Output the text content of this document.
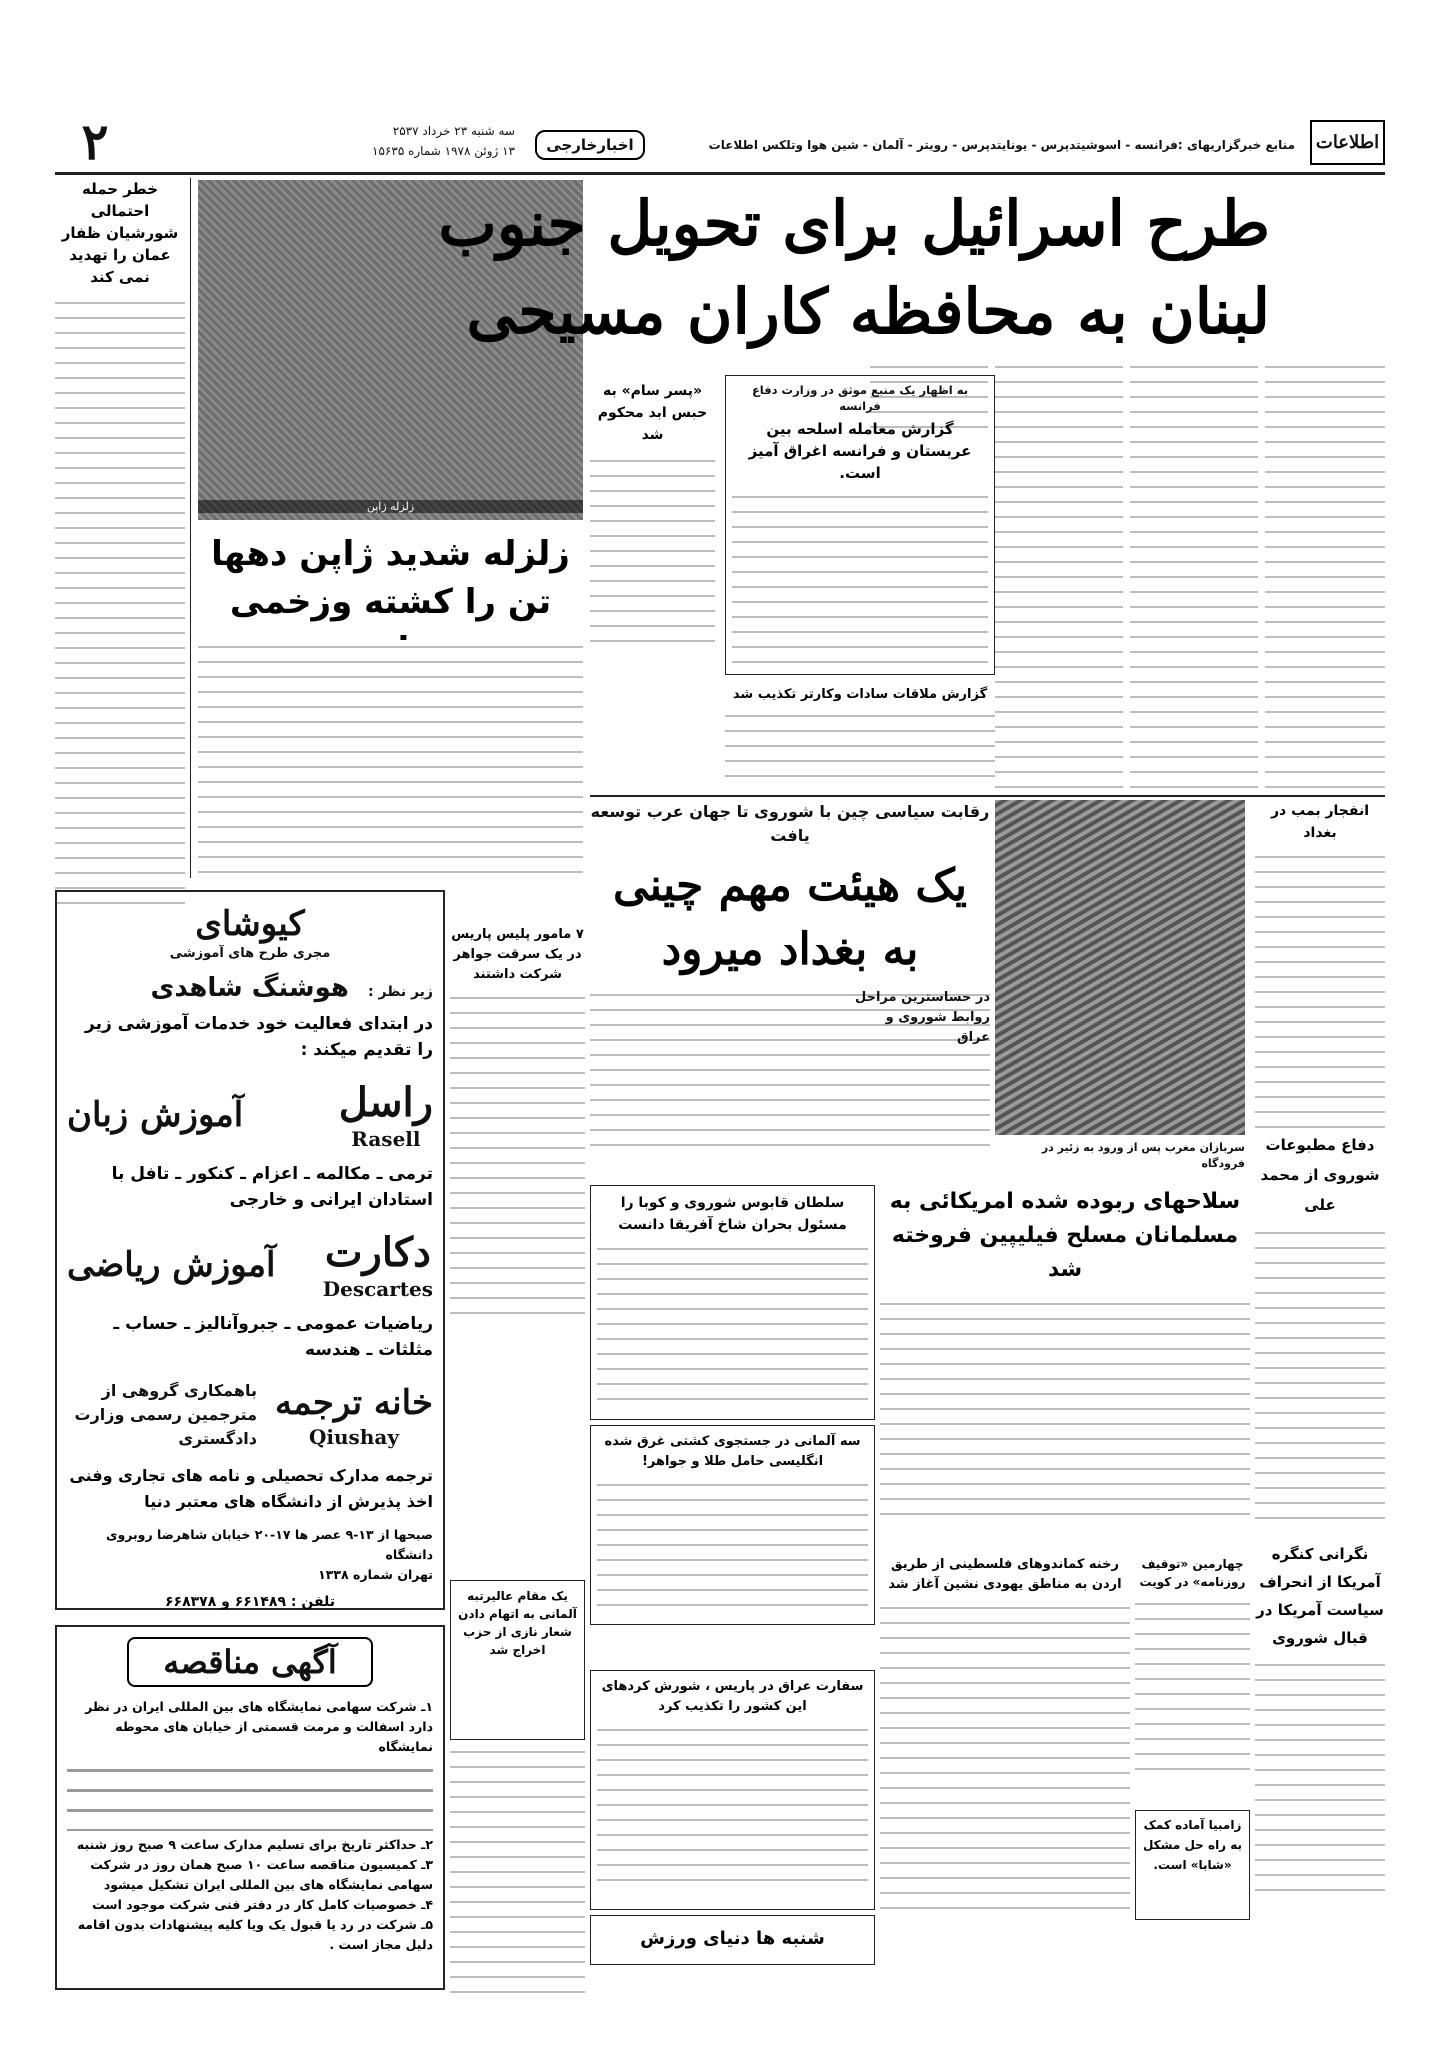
اطلاعات
منابع خبرگزاریهای :فرانسه - اسوشیتدپرس - یونایتدپرس - رویتر - آلمان - شین هوا وتلکس اطلاعات
اخبارخارجی
سه شنبه ۲۳ خرداد ۲۵۳۷
۱۳ ژوئن ۱۹۷۸ شماره ۱۵۶۳۵
۲
خطر حمله احتمالی شورشیان ظفار عمان را تهدید نمی کند
زلزله ژاپن
زلزله شدید ژاپن دهها تن را کشته وزخمی
طرح اسرائیل برای تحویل جنوب
لبنان به محافظه کاران مسیحی
به اظهار یک منبع موثق در وزارت دفاع فرانسه
گزارش معامله اسلحه بین عربستان و فرانسه اغراق آمیز است.
«پسر سام» به حبس ابد محکوم شد
گزارش ملاقات سادات وکارتر تکذیب شد
رقابت سیاسی چین با شوروی تا جهان عرب توسعه یافت
یک هیئت مهم چینی به بغداد میرود
در حساسترین مراحل روابط شوروی و عراق
سربازان مغرب پس از ورود به زئیر در فرودگاه
انفجار بمب در بغداد
دفاع مطبوعات شوروی از محمد علی
سلاحهای ربوده شده امریکائی به مسلمانان مسلح فیلیپین فروخته شد
سلطان قابوس شوروی و کوبا را مسئول بحران شاخ آفریقا دانست
۷ مامور پلیس پاریس در یک سرقت جواهر شرکت داشتند
سه آلمانی در جستجوی کشتی غرق شده انگلیسی حامل طلا و جواهر!
یک مقام عالیرتبه آلمانی به اتهام دادن شعار نازی از حزب اخراج شد
سفارت عراق در پاریس ، شورش کردهای این کشور را تکذیب کرد
شنبه ها دنیای ورزش
رخنه کماندوهای فلسطینی از طریق اردن به مناطق یهودی نشین آغاز شد
چهارمین «توقیف روزنامه» در کویت
زامبیا آماده کمک به راه حل مشکل «شابا» است.
نگرانی کنگره آمریکا از انحراف سیاست آمریکا در قبال شوروی
کیوشای
مجری طرح های آموزشی
زیر نظر : هوشنگ شاهدی
در ابتدای فعالیت خود خدمات آموزشی زیر را تقدیم میکند :
راسل
Rasell
آموزش زبان
ترمی ـ مکالمه ـ اعزام ـ کنکور ـ تافل با استادان ایرانی و خارجی
دکارت
Descartes
آموزش ریاضی
ریاضیات عمومی ـ جبروآنالیز ـ حساب ـ مثلثات ـ هندسه
خانه ترجمه
Qiushay
باهمکاری گروهی از مترجمین رسمی وزارت دادگستری
ترجمه مدارک تحصیلی و نامه های تجاری وفنی اخذ پذیرش از دانشگاه های معتبر دنیا
صبحها از ۱۳-۹ عصر ها ۱۷-۲۰ خیابان شاهرضا روبروی دانشگاه
تهران شماره ۱۳۳۸
تلفن : ۶۶۱۴۸۹ و ۶۶۸۳۷۸
آگهی مناقصه
۱ـ شرکت سهامی نمایشگاه های بین المللی ایران در نظر دارد اسفالت و مرمت قسمتی از خیابان های محوطه نمایشگاه
۲ـ حداکثر تاریخ برای تسلیم مدارک ساعت ۹ صبح روز شنبه
۳ـ کمیسیون مناقصه ساعت ۱۰ صبح همان روز در شرکت سهامی نمایشگاه های بین المللی ایران تشکیل میشود
۴ـ خصوصیات کامل کار در دفتر فنی شرکت موجود است
۵ـ شرکت در رد یا قبول یک ویا کلیه پیشنهادات بدون اقامه دلیل مجاز است .
